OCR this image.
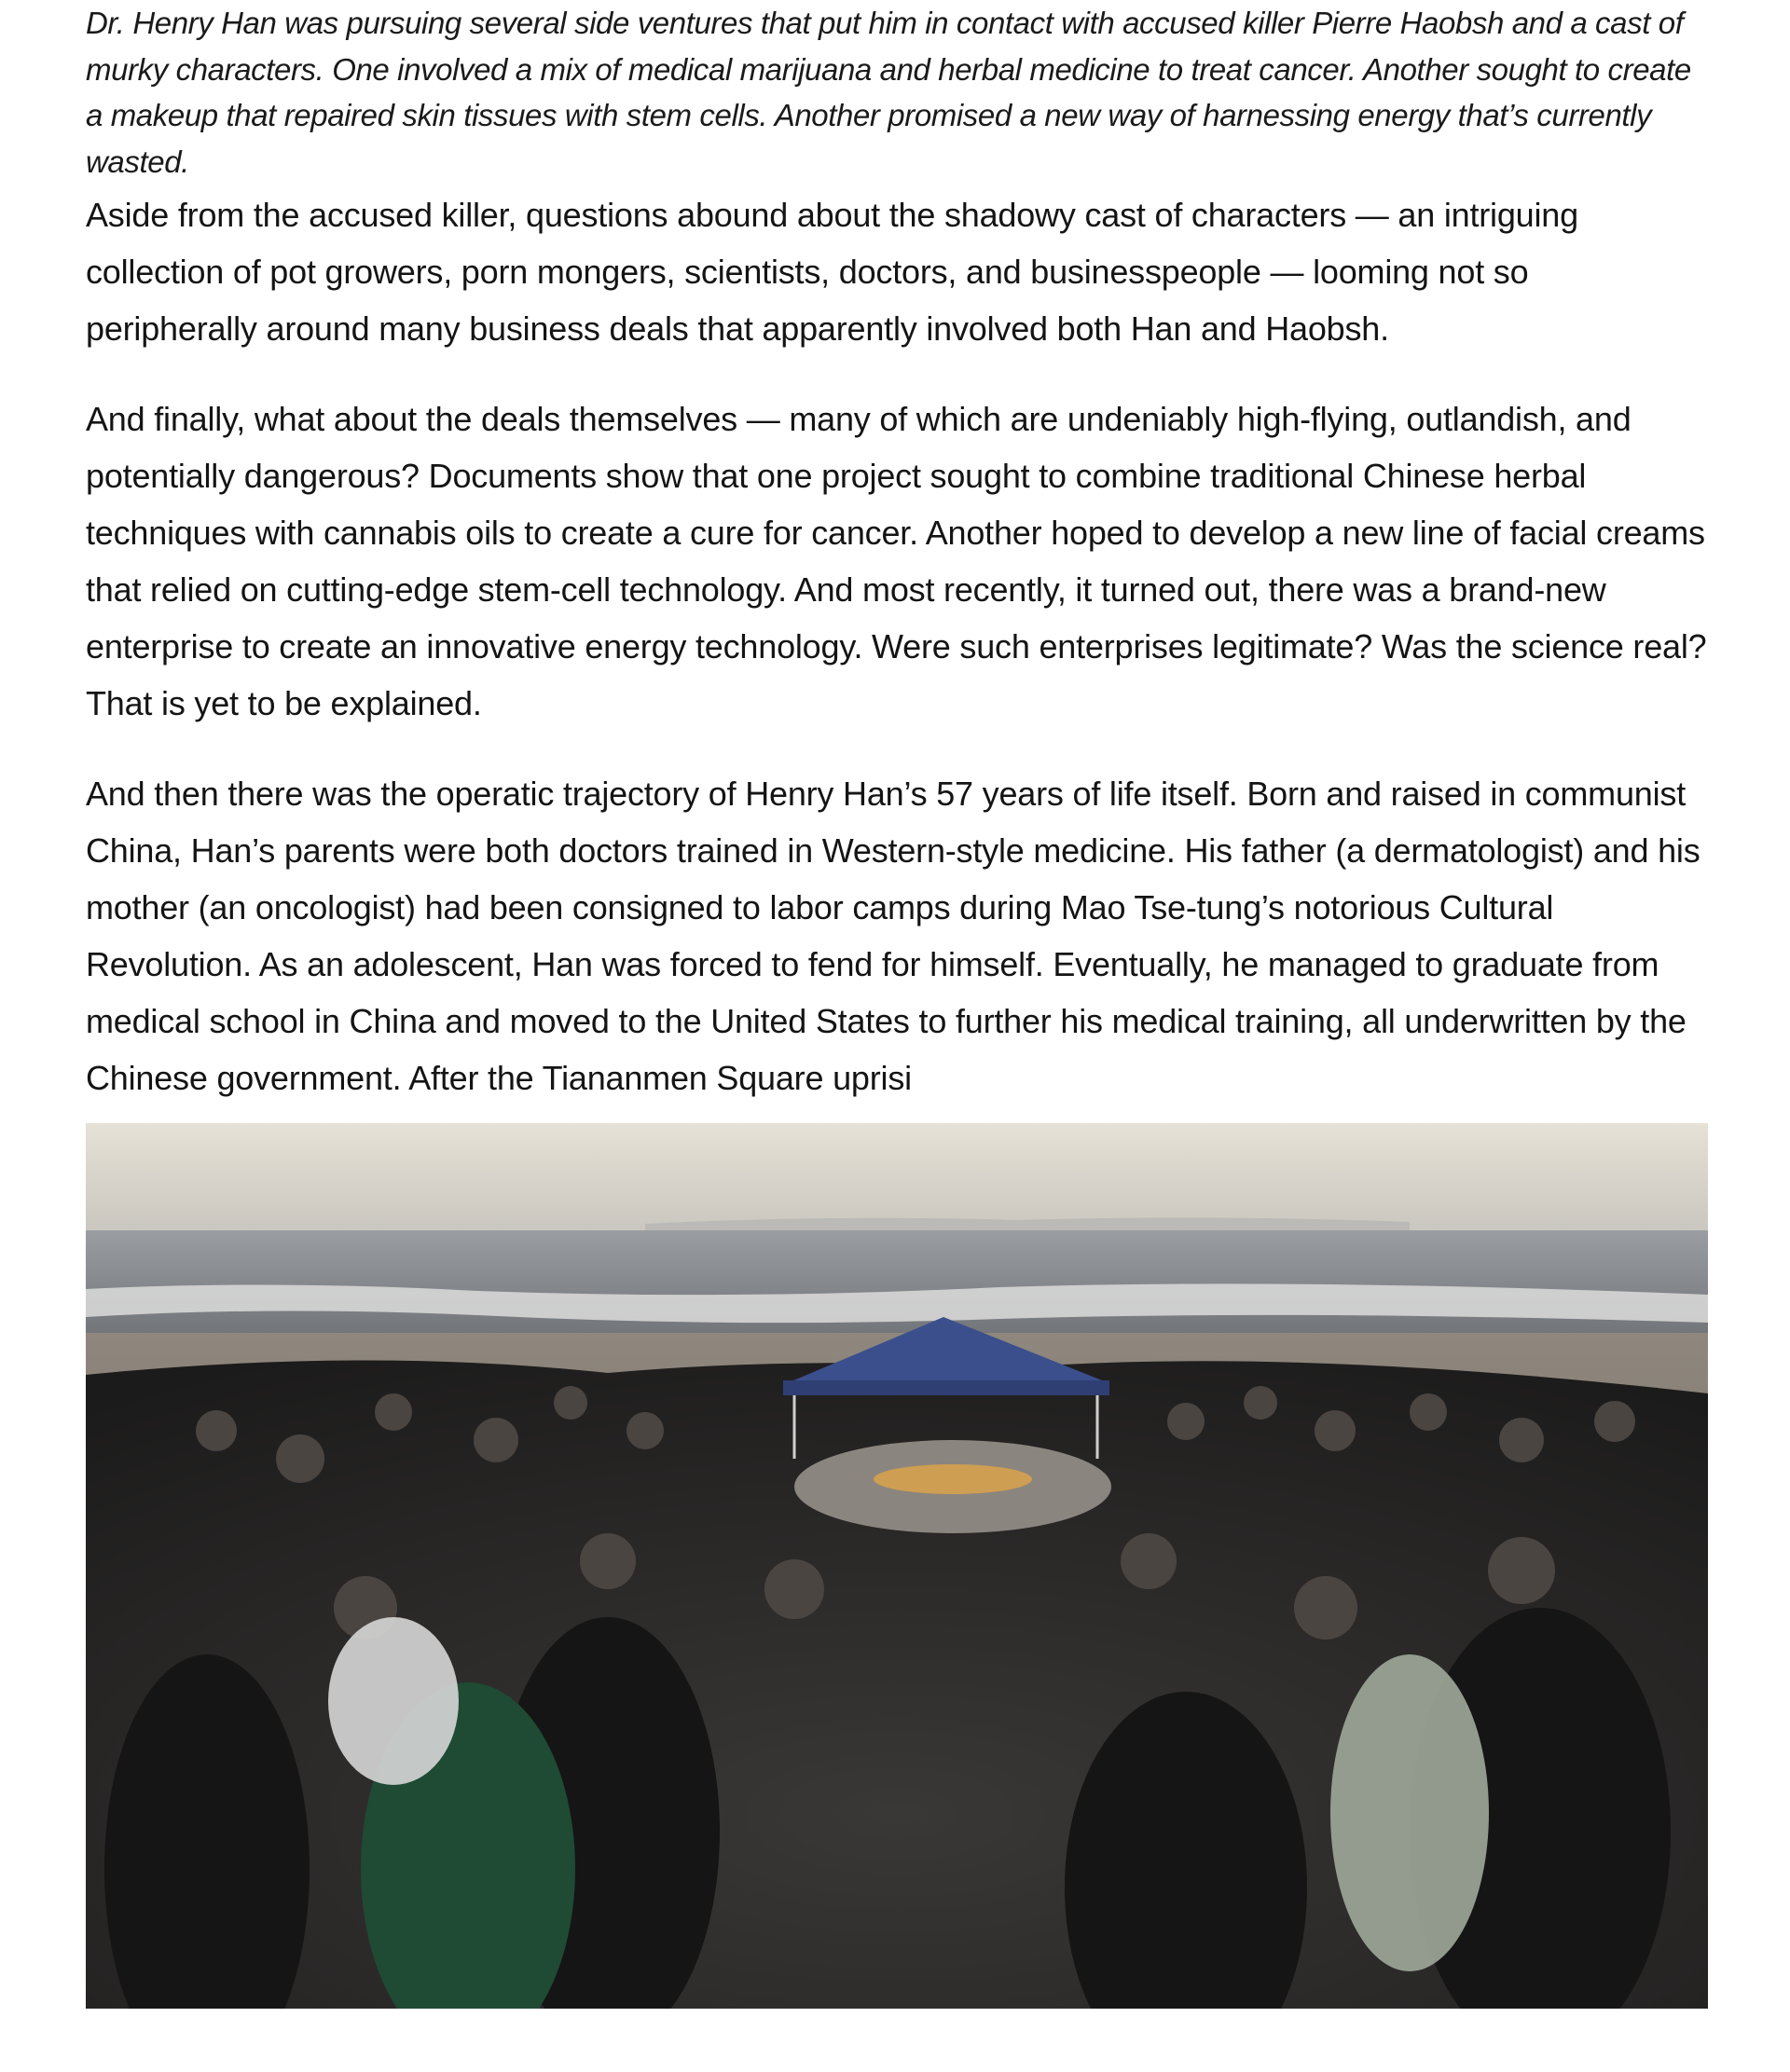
Dr. Henry Han was pursuing several side ventures that put him in contact with accused killer Pierre Haobsh and a cast of murky characters. One involved a mix of medical marijuana and herbal medicine to treat cancer. Another sought to create a makeup that repaired skin tissues with stem cells. Another promised a new way of harnessing energy that’s currently wasted.

Aside from the accused killer, questions abound about the shadowy cast of characters — an intriguing collection of pot growers, porn mongers, scientists, doctors, and businesspeople — looming not so peripherally around many business deals that apparently involved both Han and Haobsh.

And finally, what about the deals themselves — many of which are undeniably high-flying, outlandish, and potentially dangerous? Documents show that one project sought to combine traditional Chinese herbal techniques with cannabis oils to create a cure for cancer. Another hoped to develop a new line of facial creams that relied on cutting-edge stem-cell technology. And most recently, it turned out, there was a brand-new enterprise to create an innovative energy technology. Were such enterprises legitimate? Was the science real? That is yet to be explained.

And then there was the operatic trajectory of Henry Han’s 57 years of life itself. Born and raised in communist China, Han’s parents were both doctors trained in Western-style medicine. His father (a dermatologist) and his mother (an oncologist) had been consigned to labor camps during Mao Tse-tung’s notorious Cultural Revolution. As an adolescent, Han was forced to fend for himself. Eventually, he managed to graduate from medical school in China and moved to the United States to further his medical training, all underwritten by the Chinese government. After the Tiananmen Square uprisi
